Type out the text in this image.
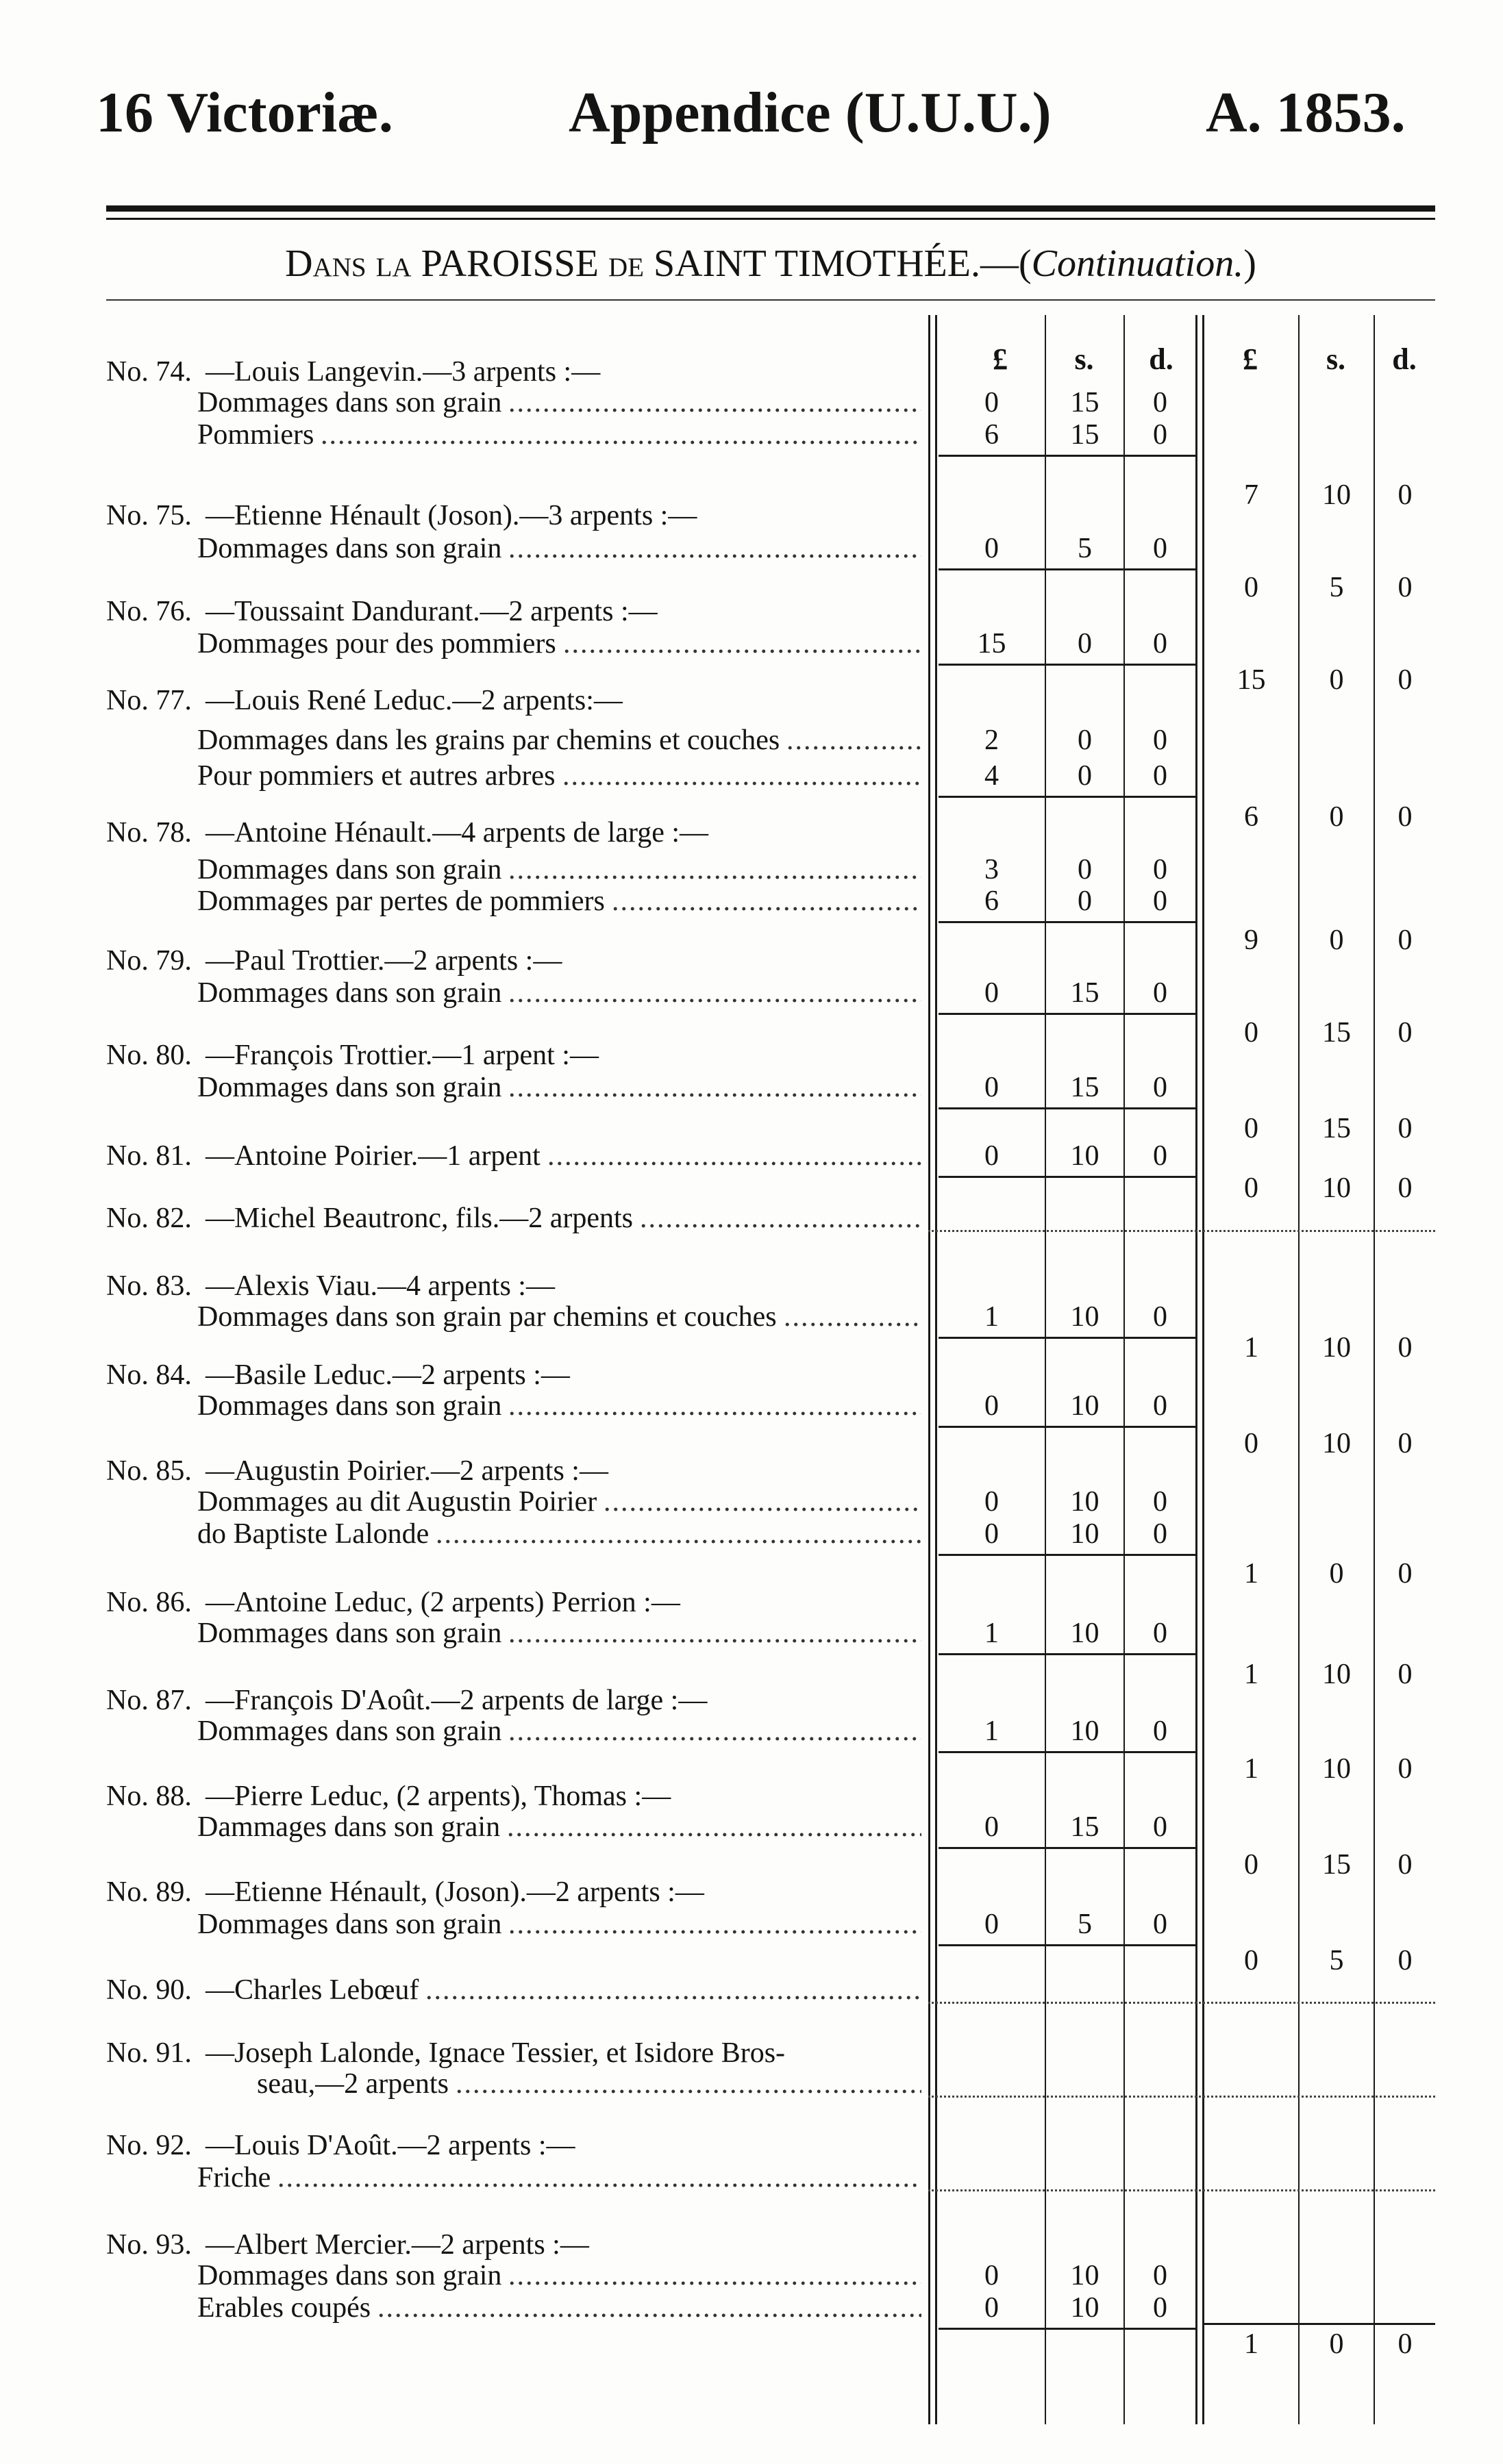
16 Victoriæ.	Appendice (U.U.U.)	A. 1853.
Dans la PAROISSE de SAINT TIMOTHÉE.—(Continuation.)
£	s.	d.	£	s.	d.
No. 74. —Louis Langevin.—3 arpents :—
Dommages dans son grain .....	0	15	0
Pommiers .....	6	15	0
7	10	0
No. 75. —Etienne Hénault (Joson).—3 arpents :—
Dommages dans son grain .....	0	5	0
0	5	0
No. 76. —Toussaint Dandurant.—2 arpents :—
Dommages pour des pommiers .....	15	0	0
15	0	0
No. 77. —Louis René Leduc.—2 arpents:—
Dommages dans les grains par chemins et couches .....	2	0	0
Pour pommiers et autres arbres .....	4	0	0
6	0	0
No. 78. —Antoine Hénault.—4 arpents de large :—
Dommages dans son grain .....	3	0	0
Dommages par pertes de pommiers .....	6	0	0
9	0	0
No. 79. —Paul Trottier.—2 arpents :—
Dommages dans son grain .....	0	15	0
0	15	0
No. 80. —François Trottier.—1 arpent :—
Dommages dans son grain .....	0	15	0
0	15	0
No. 81. —Antoine Poirier.—1 arpent .....	0	10	0
0	10	0
No. 82. —Michel Beautronc, fils.—2 arpents
.....
No. 83. —Alexis Viau.—4 arpents :—
Dommages dans son grain par chemins et couches .....	1	10	0
1	10	0
No. 84. —Basile Leduc.—2 arpents :—
Dommages dans son grain .....	0	10	0
0	10	0
No. 85. —Augustin Poirier.—2 arpents :—
Dommages au dit Augustin Poirier .....	0	10	0
do Baptiste Lalonde .....	0	10	0
1	0	0
No. 86. —Antoine Leduc, (2 arpents) Perrion :—
Dommages dans son grain .....	1	10	0
1	10	0
No. 87. —François D'Août.—2 arpents de large :—
Dommages dans son grain .....	1	10	0
1	10	0
No. 88. —Pierre Leduc, (2 arpents), Thomas :—
Dammages dans son grain .....	0	15	0
0	15	0
No. 89. —Etienne Hénault, (Joson).—2 arpents :—
Dommages dans son grain .....	0	5	0
0	5	0
No. 90. —Charles Lebœuf
.....
No. 91. —Joseph Lalonde, Ignace Tessier, et Isidore Bros-
seau,—2 arpents
.....
No. 92. —Louis D'Août.—2 arpents :—
Friche
.....
No. 93. —Albert Mercier.—2 arpents :—
Dommages dans son grain .....	0	10	0
Erables coupés .....	0	10	0
1	0	0
